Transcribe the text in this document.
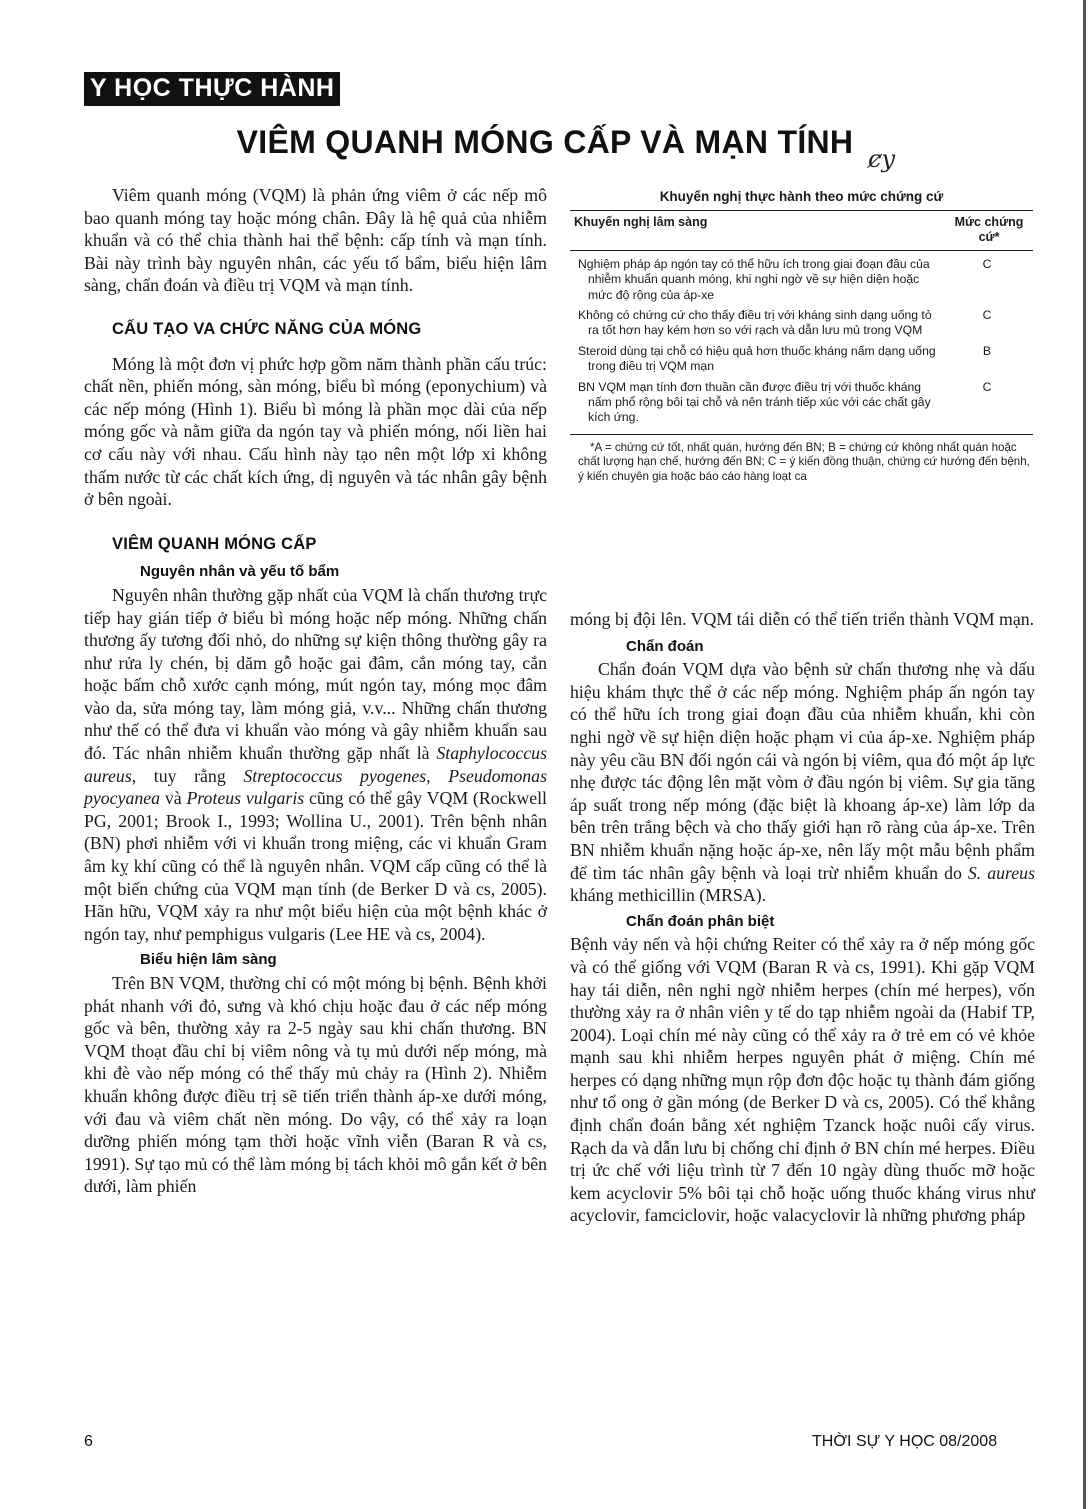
Y HỌC THỰC HÀNH
VIÊM QUANH MÓNG CẤP VÀ MẠN TÍNH ȼy

Viêm quanh móng (VQM) là phản ứng viêm ở các nếp mô bao quanh móng tay hoặc móng chân. Đây là hệ quả của nhiễm khuẩn và có thể chia thành hai thể bệnh: cấp tính và mạn tính. Bài này trình bày nguyên nhân, các yếu tố bẩm, biểu hiện lâm sàng, chẩn đoán và điều trị VQM và mạn tính.

CẤU TẠO VA CHỨC NĂNG CỦA MÓNG

Móng là một đơn vị phức hợp gồm năm thành phần cấu trúc: chất nền, phiến móng, sàn móng, biểu bì móng (eponychium) và các nếp móng (Hình 1). Biểu bì móng là phần mọc dài của nếp móng gốc và nằm giữa da ngón tay và phiến móng, nối liền hai cơ cấu này với nhau. Cấu hình này tạo nên một lớp xi không thấm nước từ các chất kích ứng, dị nguyên và tác nhân gây bệnh ở bên ngoài.

VIÊM QUANH MÓNG CẤP

Nguyên nhân và yếu tố bẩm

Nguyên nhân thường gặp nhất của VQM là chấn thương trực tiếp hay gián tiếp ở biểu bì móng hoặc nếp móng. Những chấn thương ấy tương đối nhỏ, do những sự kiện thông thường gây ra như rửa ly chén, bị dăm gỗ hoặc gai đâm, cắn móng tay, cắn hoặc bấm chỗ xước cạnh móng, mút ngón tay, móng mọc đâm vào da, sửa móng tay, làm móng giả, v.v... Những chấn thương như thế có thể đưa vi khuẩn vào móng và gây nhiễm khuẩn sau đó. Tác nhân nhiễm khuẩn thường gặp nhất là Staphylococcus aureus, tuy rằng Streptococcus pyogenes, Pseudomonas pyocyanea và Proteus vulgaris cũng có thể gây VQM (Rockwell PG, 2001; Brook I., 1993; Wollina U., 2001). Trên bệnh nhân (BN) phơi nhiễm với vi khuẩn trong miệng, các vi khuẩn Gram âm kỵ khí cũng có thể là nguyên nhân. VQM cấp cũng có thể là một biến chứng của VQM mạn tính (de Berker D và cs, 2005). Hãn hữu, VQM xảy ra như một biểu hiện của một bệnh khác ở ngón tay, như pemphigus vulgaris (Lee HE và cs, 2004).

Biểu hiện lâm sàng

Trên BN VQM, thường chỉ có một móng bị bệnh. Bệnh khởi phát nhanh với đỏ, sưng và khó chịu hoặc đau ở các nếp móng gốc và bên, thường xảy ra 2-5 ngày sau khi chấn thương. BN VQM thoạt đầu chỉ bị viêm nông và tụ mủ dưới nếp móng, mà khi đè vào nếp móng có thể thấy mủ chảy ra (Hình 2). Nhiễm khuẩn không được điều trị sẽ tiến triển thành áp-xe dưới móng, với đau và viêm chất nền móng. Do vậy, có thể xảy ra loạn dưỡng phiến móng tạm thời hoặc vĩnh viễn (Baran R và cs, 1991). Sự tạo mủ có thể làm móng bị tách khỏi mô gắn kết ở bên dưới, làm phiến

Khuyến nghị thực hành theo mức chứng cứ

Khuyến nghị lâm sàng	Mức chứng cứ*

Nghiệm pháp áp ngón tay có thể hữu ích trong giai đoạn đầu của nhiễm khuẩn quanh móng, khi nghi ngờ về sự hiện diện hoặc mức độ rộng của áp-xe	C

Không có chứng cứ cho thấy điều trị với kháng sinh dạng uống tỏ ra tốt hơn hay kém hơn so với rạch và dẫn lưu mủ trong VQM	C

Steroid dùng tại chỗ có hiệu quả hơn thuốc kháng nấm dạng uống trong điều trị VQM mạn	B

BN VQM mạn tính đơn thuần cần được điều trị với thuốc kháng nấm phổ rộng bôi tại chỗ và nên tránh tiếp xúc với các chất gây kích ứng.	C

*A = chứng cứ tốt, nhất quán, hướng đến BN; B = chứng cứ không nhất quán hoặc chất lượng hạn chế, hướng đến BN; C = ý kiến đồng thuận, chứng cứ hướng đến bệnh, ý kiến chuyên gia hoặc báo cáo hàng loạt ca

móng bị đội lên. VQM tái diễn có thể tiến triển thành VQM mạn.

Chẩn đoán

Chẩn đoán VQM dựa vào bệnh sử chấn thương nhẹ và dấu hiệu khám thực thể ở các nếp móng. Nghiệm pháp ấn ngón tay có thể hữu ích trong giai đoạn đầu của nhiễm khuẩn, khi còn nghi ngờ về sự hiện diện hoặc phạm vi của áp-xe. Nghiệm pháp này yêu cầu BN đối ngón cái và ngón bị viêm, qua đó một áp lực nhẹ được tác động lên mặt vòm ở đầu ngón bị viêm. Sự gia tăng áp suất trong nếp móng (đặc biệt là khoang áp-xe) làm lớp da bên trên trắng bệch và cho thấy giới hạn rõ ràng của áp-xe. Trên BN nhiễm khuẩn nặng hoặc áp-xe, nên lấy một mẫu bệnh phẩm để tìm tác nhân gây bệnh và loại trừ nhiễm khuẩn do S. aureus kháng methicillin (MRSA).

Chẩn đoán phân biệt

Bệnh vảy nến và hội chứng Reiter có thể xảy ra ở nếp móng gốc và có thể giống với VQM (Baran R và cs, 1991). Khi gặp VQM hay tái diễn, nên nghi ngờ nhiễm herpes (chín mé herpes), vốn thường xảy ra ở nhân viên y tế do tạp nhiễm ngoài da (Habif TP, 2004). Loại chín mé này cũng có thể xảy ra ở trẻ em có vẻ khỏe mạnh sau khi nhiễm herpes nguyên phát ở miệng. Chín mé herpes có dạng những mụn rộp đơn độc hoặc tụ thành đám giống như tổ ong ở gần móng (de Berker D và cs, 2005). Có thể khẳng định chẩn đoán bằng xét nghiệm Tzanck hoặc nuôi cấy virus. Rạch da và dẫn lưu bị chống chỉ định ở BN chín mé herpes. Điều trị ức chế với liệu trình từ 7 đến 10 ngày dùng thuốc mỡ hoặc kem acyclovir 5% bôi tại chỗ hoặc uống thuốc kháng virus như acyclovir, famciclovir, hoặc valacyclovir là những phương pháp

6	THỜI SỰ Y HỌC 08/2008
